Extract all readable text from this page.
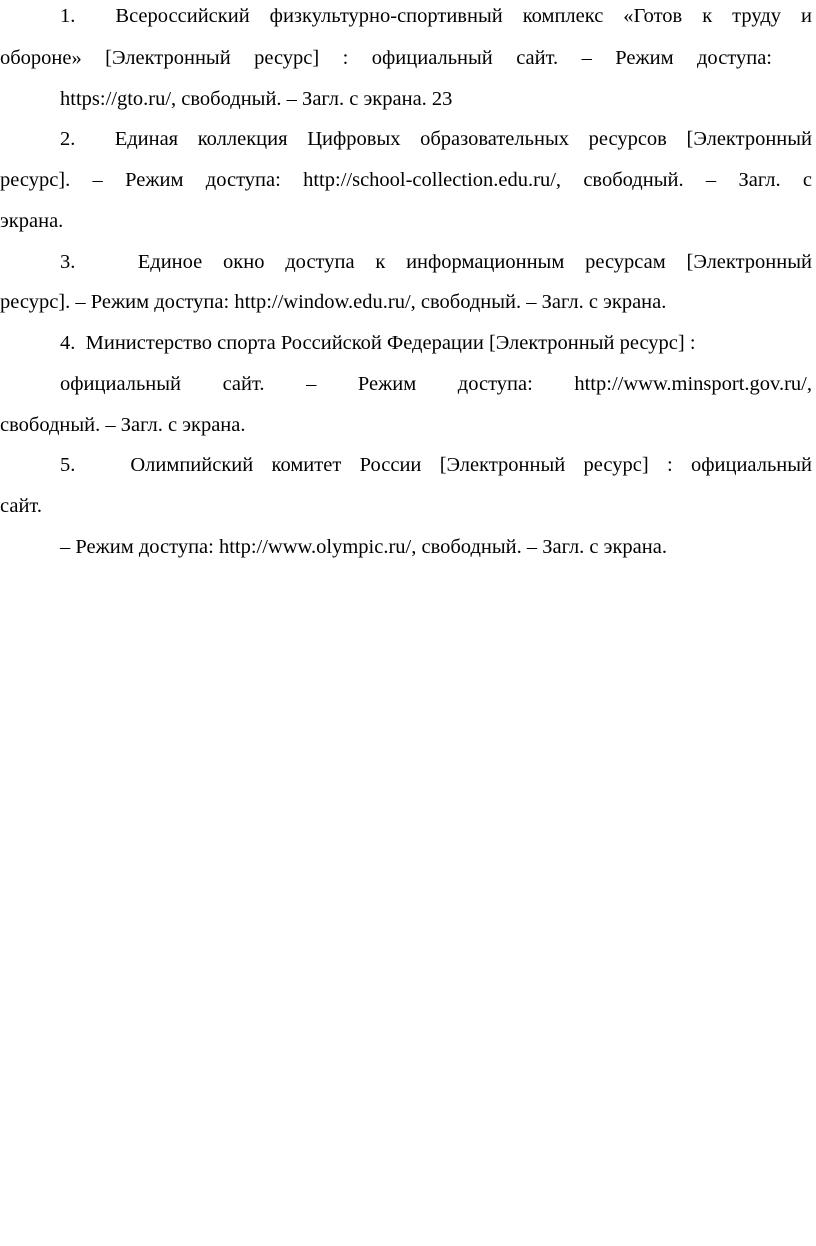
1. Всероссийский физкультурно-спортивный комплекс «Готов к труду и
обороне» [Электронный ресурс] : официальный сайт. – Режим доступа:
https://gto.ru/, свободный. – Загл. с экрана. 23
2. Единая коллекция Цифровых образовательных ресурсов [Электронный
ресурс]. – Режим доступа: http://school-collection.edu.ru/, свободный. – Загл. с
экрана.
3.	Единое окно доступа к информационным ресурсам [Электронный
ресурс]. – Режим доступа: http://window.edu.ru/, свободный. – Загл. с экрана.
4. Министерство спорта Российской Федерации [Электронный ресурс] :
официальный сайт. – Режим доступа: http://www.minsport.gov.ru/,
свободный. – Загл. с экрана.
5.	Олимпийский комитет России [Электронный ресурс] : официальный
сайт.
– Режим доступа: http://www.olympic.ru/, свободный. – Загл. с экрана.
